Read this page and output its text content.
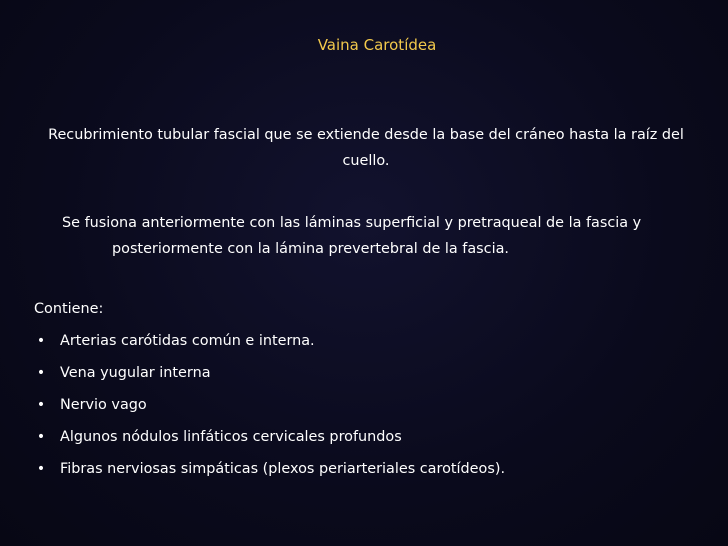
Vaina Carotídea
Recubrimiento tubular fascial que se extiende desde la base del cráneo hasta la raíz del cuello.
Se fusiona anteriormente con las láminas superficial y pretraqueal de la fascia y posteriormente con la lámina prevertebral de la fascia.
Contiene:
• Arterias carótidas común e interna.
• Vena yugular interna
• Nervio vago
• Algunos nódulos linfáticos cervicales profundos
• Fibras nerviosas simpáticas (plexos periarteriales carotídeos).
